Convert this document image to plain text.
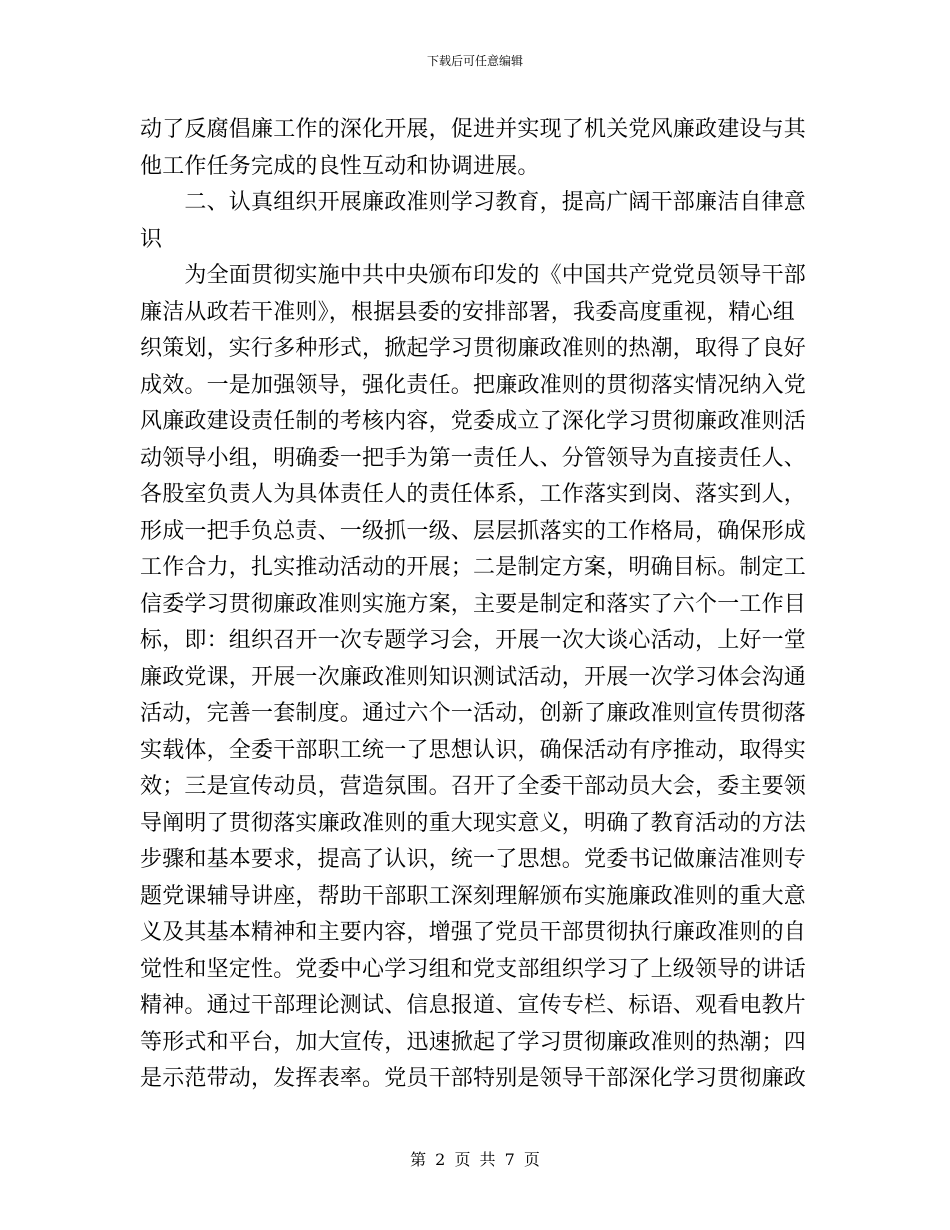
下载后可任意编辑
动了反腐倡廉工作的深化开展，促进并实现了机关党风廉政建设与其
他工作任务完成的良性互动和协调进展。
　　二、认真组织开展廉政准则学习教育，提高广阔干部廉洁自律意
识
　　为全面贯彻实施中共中央颁布印发的《中国共产党党员领导干部
廉洁从政若干准则》，根据县委的安排部署，我委高度重视，精心组
织策划，实行多种形式，掀起学习贯彻廉政准则的热潮，取得了良好
成效。一是加强领导，强化责任。把廉政准则的贯彻落实情况纳入党
风廉政建设责任制的考核内容，党委成立了深化学习贯彻廉政准则活
动领导小组，明确委一把手为第一责任人、分管领导为直接责任人、
各股室负责人为具体责任人的责任体系，工作落实到岗、落实到人，
形成一把手负总责、一级抓一级、层层抓落实的工作格局，确保形成
工作合力，扎实推动活动的开展；二是制定方案，明确目标。制定工
信委学习贯彻廉政准则实施方案，主要是制定和落实了六个一工作目
标，即：组织召开一次专题学习会，开展一次大谈心活动，上好一堂
廉政党课，开展一次廉政准则知识测试活动，开展一次学习体会沟通
活动，完善一套制度。通过六个一活动，创新了廉政准则宣传贯彻落
实载体，全委干部职工统一了思想认识，确保活动有序推动，取得实
效；三是宣传动员，营造氛围。召开了全委干部动员大会，委主要领
导阐明了贯彻落实廉政准则的重大现实意义，明确了教育活动的方法
步骤和基本要求，提高了认识，统一了思想。党委书记做廉洁准则专
题党课辅导讲座，帮助干部职工深刻理解颁布实施廉政准则的重大意
义及其基本精神和主要内容，增强了党员干部贯彻执行廉政准则的自
觉性和坚定性。党委中心学习组和党支部组织学习了上级领导的讲话
精神。通过干部理论测试、信息报道、宣传专栏、标语、观看电教片
等形式和平台，加大宣传，迅速掀起了学习贯彻廉政准则的热潮；四
是示范带动，发挥表率。党员干部特别是领导干部深化学习贯彻廉政
第 2 页 共 7 页
